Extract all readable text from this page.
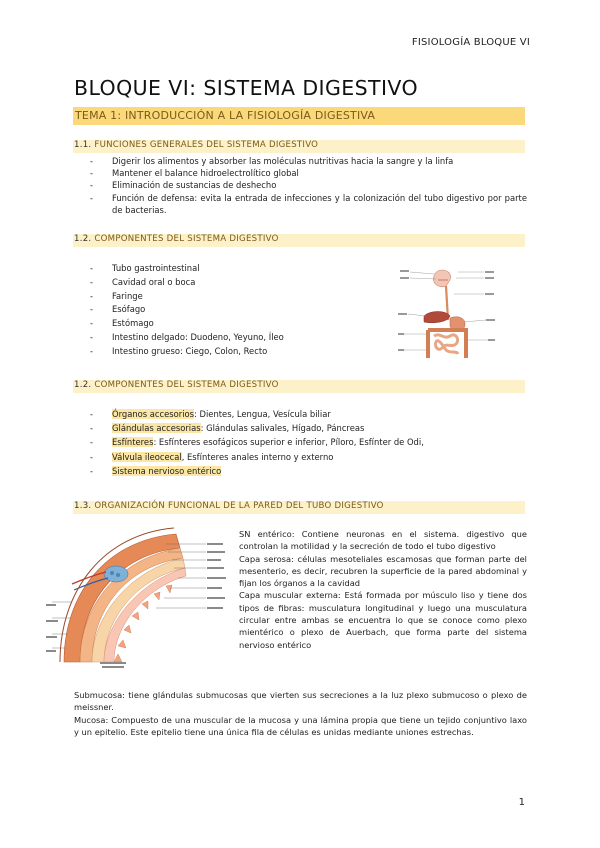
FISIOLOGÍA BLOQUE VI
BLOQUE VI: SISTEMA DIGESTIVO
TEMA 1: INTRODUCCIÓN A LA FISIOLOGÍA DIGESTIVA
1.1. FUNCIONES GENERALES DEL SISTEMA DIGESTIVO
- Digerir los alimentos y absorber las moléculas nutritivas hacia la sangre y la linfa
- Mantener el balance hidroelectrolítico global
- Eliminación de sustancias de deshecho
- Función de defensa: evita la entrada de infecciones y la colonización del tubo digestivo por parte de bacterias.
1.2. COMPONENTES DEL SISTEMA DIGESTIVO
- Tubo gastrointestinal
- Cavidad oral o boca
- Faringe
- Esófago
- Estómago
- Intestino delgado: Duodeno, Yeyuno, Íleo
- Intestino grueso: Ciego, Colon, Recto
1.2. COMPONENTES DEL SISTEMA DIGESTIVO
- Órganos accesorios: Dientes, Lengua, Vesícula biliar
- Glándulas accesorias: Glándulas salivales, Hígado, Páncreas
- Esfínteres: Esfínteres esofágicos superior e inferior, Píloro, Esfínter de Odi,
- Válvula ileocecal, Esfínteres anales interno y externo
- Sistema nervioso entérico
1.3. ORGANIZACIÓN FUNCIONAL DE LA PARED DEL TUBO DIGESTIVO
SN entérico: Contiene neuronas en el sistema. digestivo que controlan la motilidad y la secreción de todo el tubo digestivo
Capa serosa: células mesoteliales escamosas que forman parte del mesenterio, es decir, recubren la superficie de la pared abdominal y fijan los órganos a la cavidad
Capa muscular externa: Está formada por músculo liso y tiene dos tipos de fibras: musculatura longitudinal y luego una musculatura circular entre ambas se encuentra lo que se conoce como plexo mientérico o plexo de Auerbach, que forma parte del sistema nervioso entérico
Submucosa: tiene glándulas submucosas que vierten sus secreciones a la luz plexo submucoso o plexo de meissner.
Mucosa: Compuesto de una muscular de la mucosa y una lámina propia que tiene un tejido conjuntivo laxo y un epitelio. Este epitelio tiene una única fila de células es unidas mediante uniones estrechas.
1
